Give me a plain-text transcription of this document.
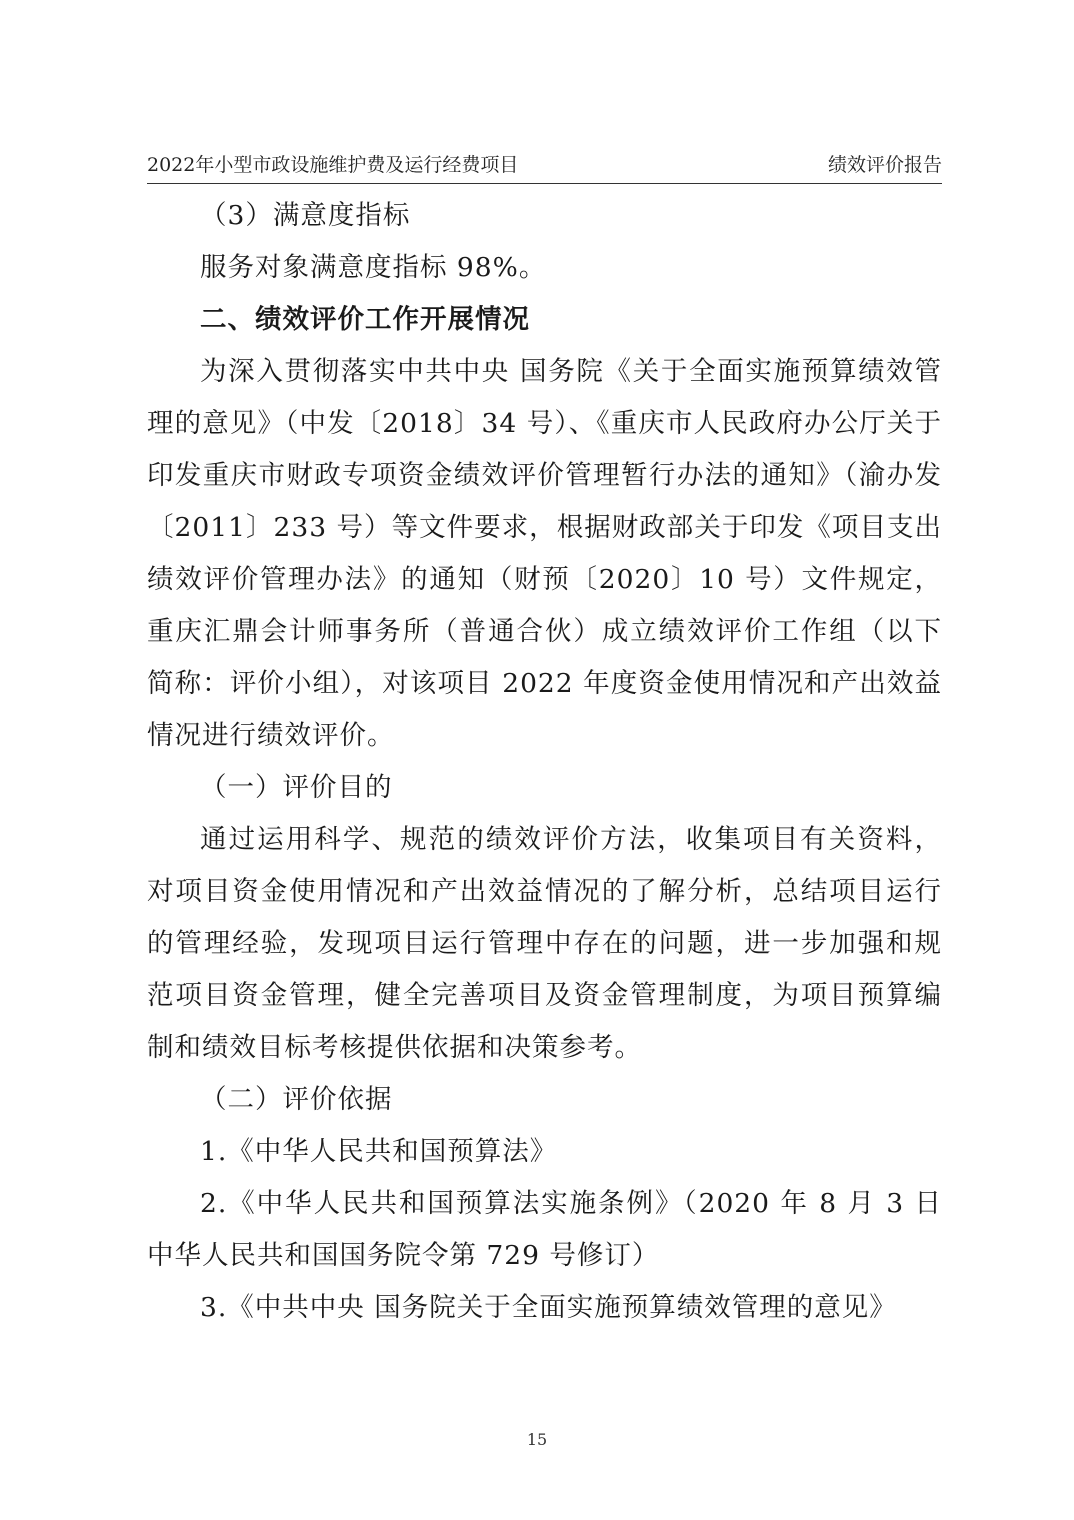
2022年小型市政设施维护费及运行经费项目	绩效评价报告

（3）满意度指标

服务对象满意度指标 98%。

二、绩效评价工作开展情况

为深入贯彻落实中共中央 国务院《关于全面实施预算绩效管理的意见》（中发〔2018〕34 号）、《重庆市人民政府办公厅关于印发重庆市财政专项资金绩效评价管理暂行办法的通知》（渝办发〔2011〕233 号）等文件要求，根据财政部关于印发《项目支出绩效评价管理办法》的通知（财预〔2020〕10 号）文件规定，重庆汇鼎会计师事务所（普通合伙）成立绩效评价工作组（以下简称：评价小组），对该项目 2022 年度资金使用情况和产出效益情况进行绩效评价。

（一）评价目的

通过运用科学、规范的绩效评价方法，收集项目有关资料，对项目资金使用情况和产出效益情况的了解分析，总结项目运行的管理经验，发现项目运行管理中存在的问题，进一步加强和规范项目资金管理，健全完善项目及资金管理制度，为项目预算编制和绩效目标考核提供依据和决策参考。

（二）评价依据

1.《中华人民共和国预算法》

2.《中华人民共和国预算法实施条例》（2020 年 8 月 3 日中华人民共和国国务院令第 729 号修订）

3.《中共中央 国务院关于全面实施预算绩效管理的意见》

15
